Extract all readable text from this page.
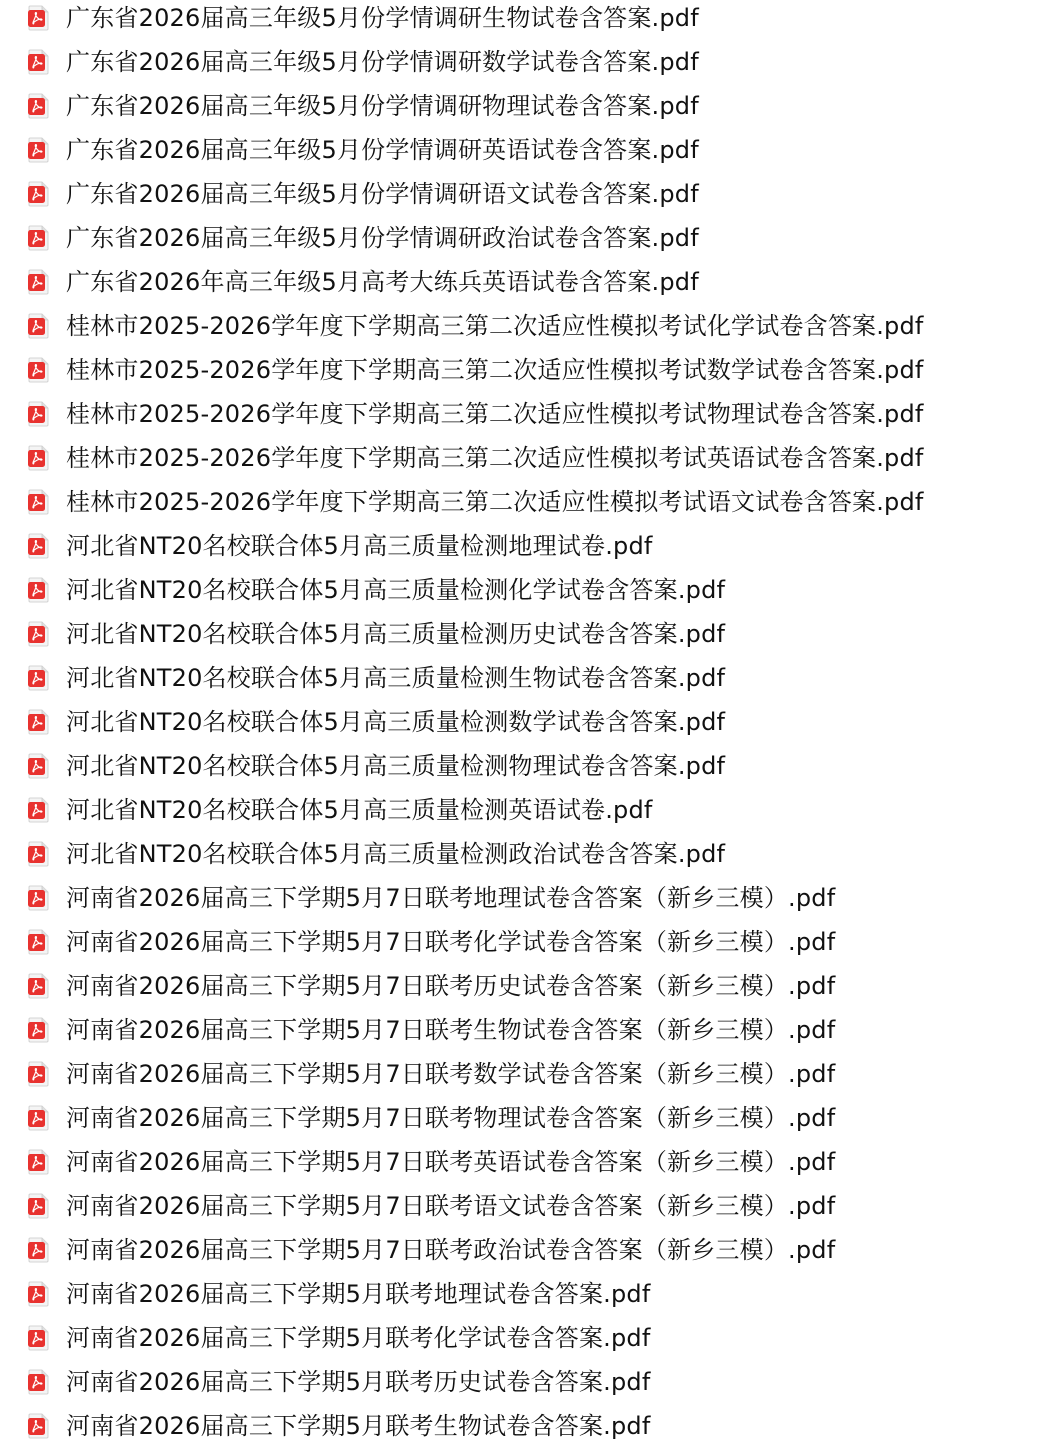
广东省2026届高三年级5月份学情调研生物试卷含答案.pdf
广东省2026届高三年级5月份学情调研数学试卷含答案.pdf
广东省2026届高三年级5月份学情调研物理试卷含答案.pdf
广东省2026届高三年级5月份学情调研英语试卷含答案.pdf
广东省2026届高三年级5月份学情调研语文试卷含答案.pdf
广东省2026届高三年级5月份学情调研政治试卷含答案.pdf
广东省2026年高三年级5月高考大练兵英语试卷含答案.pdf
桂林市2025-2026学年度下学期高三第二次适应性模拟考试化学试卷含答案.pdf
桂林市2025-2026学年度下学期高三第二次适应性模拟考试数学试卷含答案.pdf
桂林市2025-2026学年度下学期高三第二次适应性模拟考试物理试卷含答案.pdf
桂林市2025-2026学年度下学期高三第二次适应性模拟考试英语试卷含答案.pdf
桂林市2025-2026学年度下学期高三第二次适应性模拟考试语文试卷含答案.pdf
河北省NT20名校联合体5月高三质量检测地理试卷.pdf
河北省NT20名校联合体5月高三质量检测化学试卷含答案.pdf
河北省NT20名校联合体5月高三质量检测历史试卷含答案.pdf
河北省NT20名校联合体5月高三质量检测生物试卷含答案.pdf
河北省NT20名校联合体5月高三质量检测数学试卷含答案.pdf
河北省NT20名校联合体5月高三质量检测物理试卷含答案.pdf
河北省NT20名校联合体5月高三质量检测英语试卷.pdf
河北省NT20名校联合体5月高三质量检测政治试卷含答案.pdf
河南省2026届高三下学期5月7日联考地理试卷含答案（新乡三模）.pdf
河南省2026届高三下学期5月7日联考化学试卷含答案（新乡三模）.pdf
河南省2026届高三下学期5月7日联考历史试卷含答案（新乡三模）.pdf
河南省2026届高三下学期5月7日联考生物试卷含答案（新乡三模）.pdf
河南省2026届高三下学期5月7日联考数学试卷含答案（新乡三模）.pdf
河南省2026届高三下学期5月7日联考物理试卷含答案（新乡三模）.pdf
河南省2026届高三下学期5月7日联考英语试卷含答案（新乡三模）.pdf
河南省2026届高三下学期5月7日联考语文试卷含答案（新乡三模）.pdf
河南省2026届高三下学期5月7日联考政治试卷含答案（新乡三模）.pdf
河南省2026届高三下学期5月联考地理试卷含答案.pdf
河南省2026届高三下学期5月联考化学试卷含答案.pdf
河南省2026届高三下学期5月联考历史试卷含答案.pdf
河南省2026届高三下学期5月联考生物试卷含答案.pdf
